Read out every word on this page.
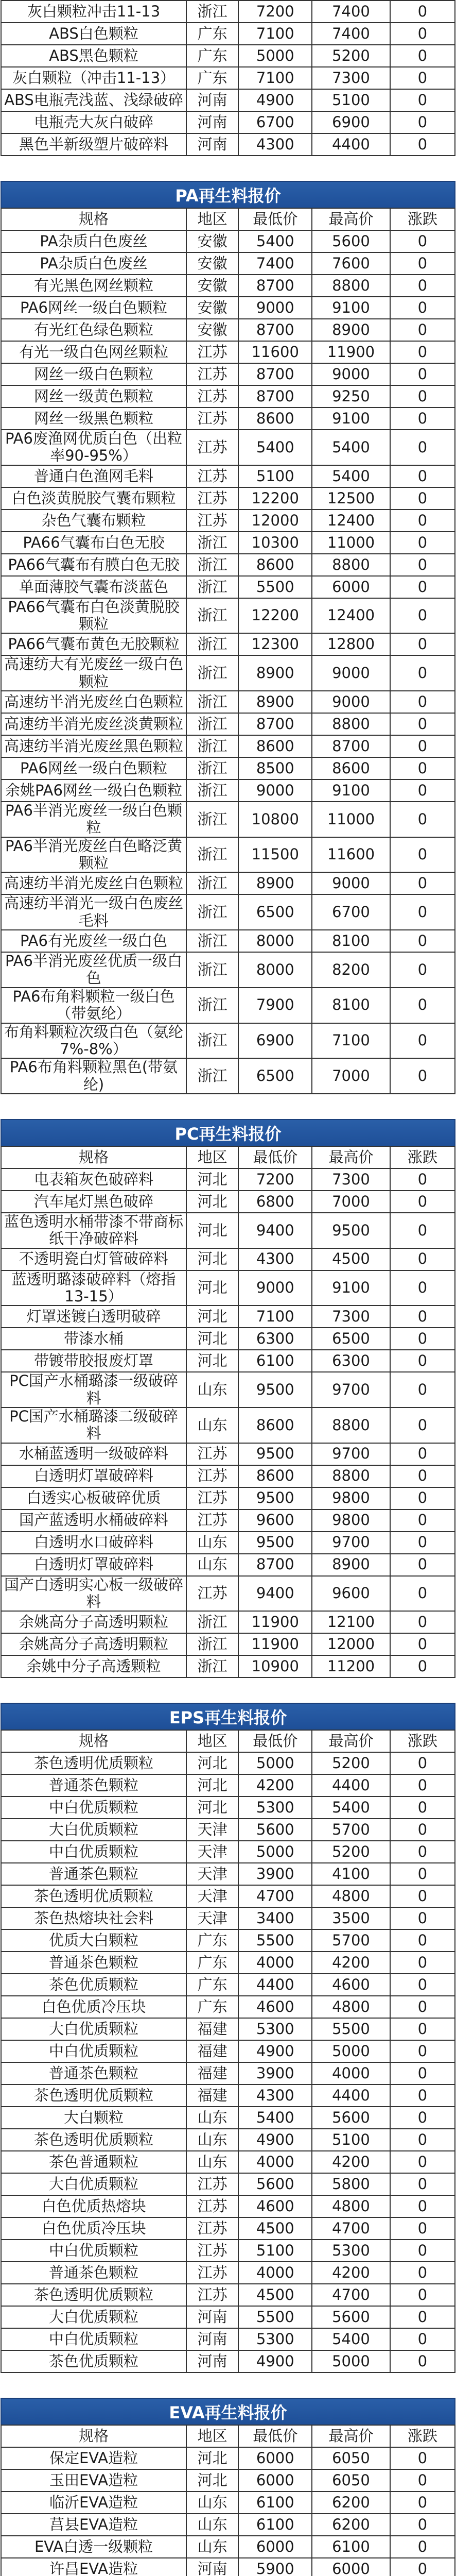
灰白颗粒冲击11-13	浙江	7200	7400	0
ABS白色颗粒	广东	7100	7400	0
ABS黑色颗粒	广东	5000	5200	0
灰白颗粒（冲击11-13）	广东	7100	7300	0
ABS电瓶壳浅蓝、浅绿破碎	河南	4900	5100	0
电瓶壳大灰白破碎	河南	6700	6900	0
黑色半新级塑片破碎料	河南	4300	4400	0
PA再生料报价
规格	地区	最低价	最高价	涨跌
PA杂质白色废丝	安徽	5400	5600	0
PA杂质白色废丝	安徽	7400	7600	0
有光黑色网丝颗粒	安徽	8700	8800	0
PA6网丝一级白色颗粒	安徽	9000	9100	0
有光红色绿色颗粒	安徽	8700	8900	0
有光一级白色网丝颗粒	江苏	11600	11900	0
网丝一级白色颗粒	江苏	8700	9000	0
网丝一级黄色颗粒	江苏	8700	9250	0
网丝一级黑色颗粒	江苏	8600	9100	0
PA6废渔网优质白色（出粒率90-95%）	江苏	5400	5400	0
普通白色渔网毛料	江苏	5100	5400	0
白色淡黄脱胶气囊布颗粒	江苏	12200	12500	0
杂色气囊布颗粒	江苏	12000	12400	0
PA66气囊布白色无胶	浙江	10300	11000	0
PA66气囊布有膜白色无胶	浙江	8600	8800	0
单面薄胶气囊布淡蓝色	浙江	5500	6000	0
PA66气囊布白色淡黄脱胶颗粒	浙江	12200	12400	0
PA66气囊布黄色无胶颗粒	浙江	12300	12800	0
高速纺大有光废丝一级白色颗粒	浙江	8900	9000	0
高速纺半消光废丝白色颗粒	浙江	8900	9000	0
高速纺半消光废丝淡黄颗粒	浙江	8700	8800	0
高速纺半消光废丝黑色颗粒	浙江	8600	8700	0
PA6网丝一级白色颗粒	浙江	8500	8600	0
余姚PA6网丝一级白色颗粒	浙江	9000	9100	0
PA6半消光废丝一级白色颗粒	浙江	10800	11000	0
PA6半消光废丝白色略泛黄颗粒	浙江	11500	11600	0
高速纺半消光废丝白色颗粒	浙江	8900	9000	0
高速纺半消光一级白色废丝毛料	浙江	6500	6700	0
PA6有光废丝一级白色	浙江	8000	8100	0
PA6半消光废丝优质一级白色	浙江	8000	8200	0
PA6布角料颗粒一级白色（带氨纶）	浙江	7900	8100	0
布角料颗粒次级白色（氨纶7%-8%）	浙江	6900	7100	0
PA6布角料颗粒黑色(带氨纶)	浙江	6500	7000	0
PC再生料报价
规格	地区	最低价	最高价	涨跌
电表箱灰色破碎料	河北	7200	7300	0
汽车尾灯黑色破碎	河北	6800	7000	0
蓝色透明水桶带漆不带商标纸干净破碎料	河北	9400	9500	0
不透明瓷白灯管破碎料	河北	4300	4500	0
蓝透明璐漆破碎料（熔指13-15）	河北	9000	9100	0
灯罩迷镀白透明破碎	河北	7100	7300	0
带漆水桶	河北	6300	6500	0
带镀带胶报废灯罩	河北	6100	6300	0
PC国产水桶璐漆一级破碎料	山东	9500	9700	0
PC国产水桶璐漆二级破碎料	山东	8600	8800	0
水桶蓝透明一级破碎料	江苏	9500	9700	0
白透明灯罩破碎料	江苏	8600	8800	0
白透实心板破碎优质	江苏	9500	9800	0
国产蓝透明水桶破碎料	江苏	9600	9800	0
白透明水口破碎料	山东	9500	9700	0
白透明灯罩破碎料	山东	8700	8900	0
国产白透明实心板一级破碎料	江苏	9400	9600	0
余姚高分子高透明颗粒	浙江	11900	12100	0
余姚高分子高透明颗粒	浙江	11900	12000	0
余姚中分子高透颗粒	浙江	10900	11200	0
EPS再生料报价
规格	地区	最低价	最高价	涨跌
茶色透明优质颗粒	河北	5000	5200	0
普通茶色颗粒	河北	4200	4400	0
中白优质颗粒	河北	5300	5400	0
大白优质颗粒	天津	5600	5700	0
中白优质颗粒	天津	5000	5200	0
普通茶色颗粒	天津	3900	4100	0
茶色透明优质颗粒	天津	4700	4800	0
茶色热熔块社会料	天津	3400	3500	0
优质大白颗粒	广东	5500	5700	0
普通茶色颗粒	广东	4000	4200	0
茶色优质颗粒	广东	4400	4600	0
白色优质冷压块	广东	4600	4800	0
大白优质颗粒	福建	5300	5500	0
中白优质颗粒	福建	4900	5000	0
普通茶色颗粒	福建	3900	4000	0
茶色透明优质颗粒	福建	4300	4400	0
大白颗粒	山东	5400	5600	0
茶色透明优质颗粒	山东	4900	5100	0
茶色普通颗粒	山东	4000	4200	0
大白优质颗粒	江苏	5600	5800	0
白色优质热熔块	江苏	4600	4800	0
白色优质冷压块	江苏	4500	4700	0
中白优质颗粒	江苏	5100	5300	0
普通茶色颗粒	江苏	4000	4200	0
茶色透明优质颗粒	江苏	4500	4700	0
大白优质颗粒	河南	5500	5600	0
中白优质颗粒	河南	5300	5400	0
茶色优质颗粒	河南	4900	5000	0
EVA再生料报价
规格	地区	最低价	最高价	涨跌
保定EVA造粒	河北	6000	6050	0
玉田EVA造粒	河北	6000	6050	0
临沂EVA造粒	山东	6100	6200	0
莒县EVA造粒	山东	6100	6200	0
EVA白透一级颗粒	山东	6000	6100	0
许昌EVA造粒	河南	5900	6000	0
